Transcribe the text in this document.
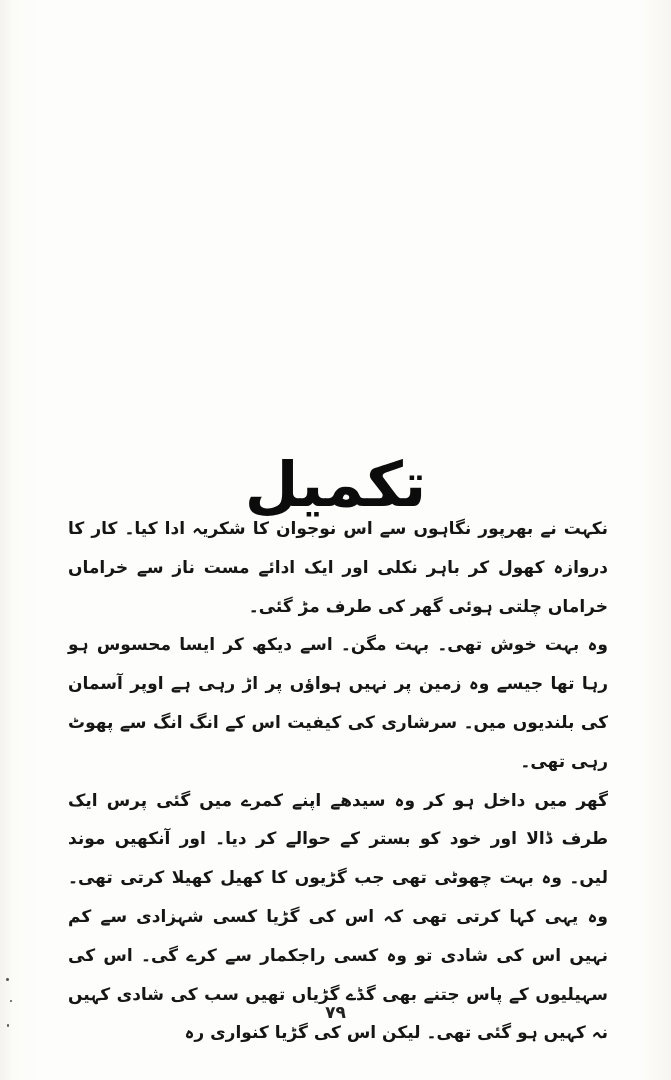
تکمیل

نکہت نے بھرپور نگاہوں سے اس نوجوان کا شکریہ ادا کیا۔ کار کا دروازہ کھول کر باہر نکلی اور ایک ادائے مست ناز سے خراماں خراماں چلتی ہوئی گھر کی طرف مڑ گئی۔

وہ بہت خوش تھی۔ بہت مگن۔ اسے دیکھ کر ایسا محسوس ہو رہا تھا جیسے وہ زمین پر نہیں ہواؤں پر اڑ رہی ہے اوپر آسمان کی بلندیوں میں۔ سرشاری کی کیفیت اس کے انگ انگ سے پھوٹ رہی تھی۔

گھر میں داخل ہو کر وہ سیدھے اپنے کمرے میں گئی پرس ایک طرف ڈالا اور خود کو بستر کے حوالے کر دیا۔ اور آنکھیں موند لیں۔ وہ بہت چھوٹی تھی جب گڑیوں کا کھیل کھیلا کرتی تھی۔ وہ یہی کہا کرتی تھی کہ اس کی گڑیا کسی شہزادی سے کم نہیں اس کی شادی تو وہ کسی راجکمار سے کرے گی۔ اس کی سہیلیوں کے پاس جتنے بھی گڈے گڑیاں تھیں سب کی شادی کہیں نہ کہیں ہو گئی تھی۔ لیکن اس کی گڑیا کنواری رہ

۷۹
